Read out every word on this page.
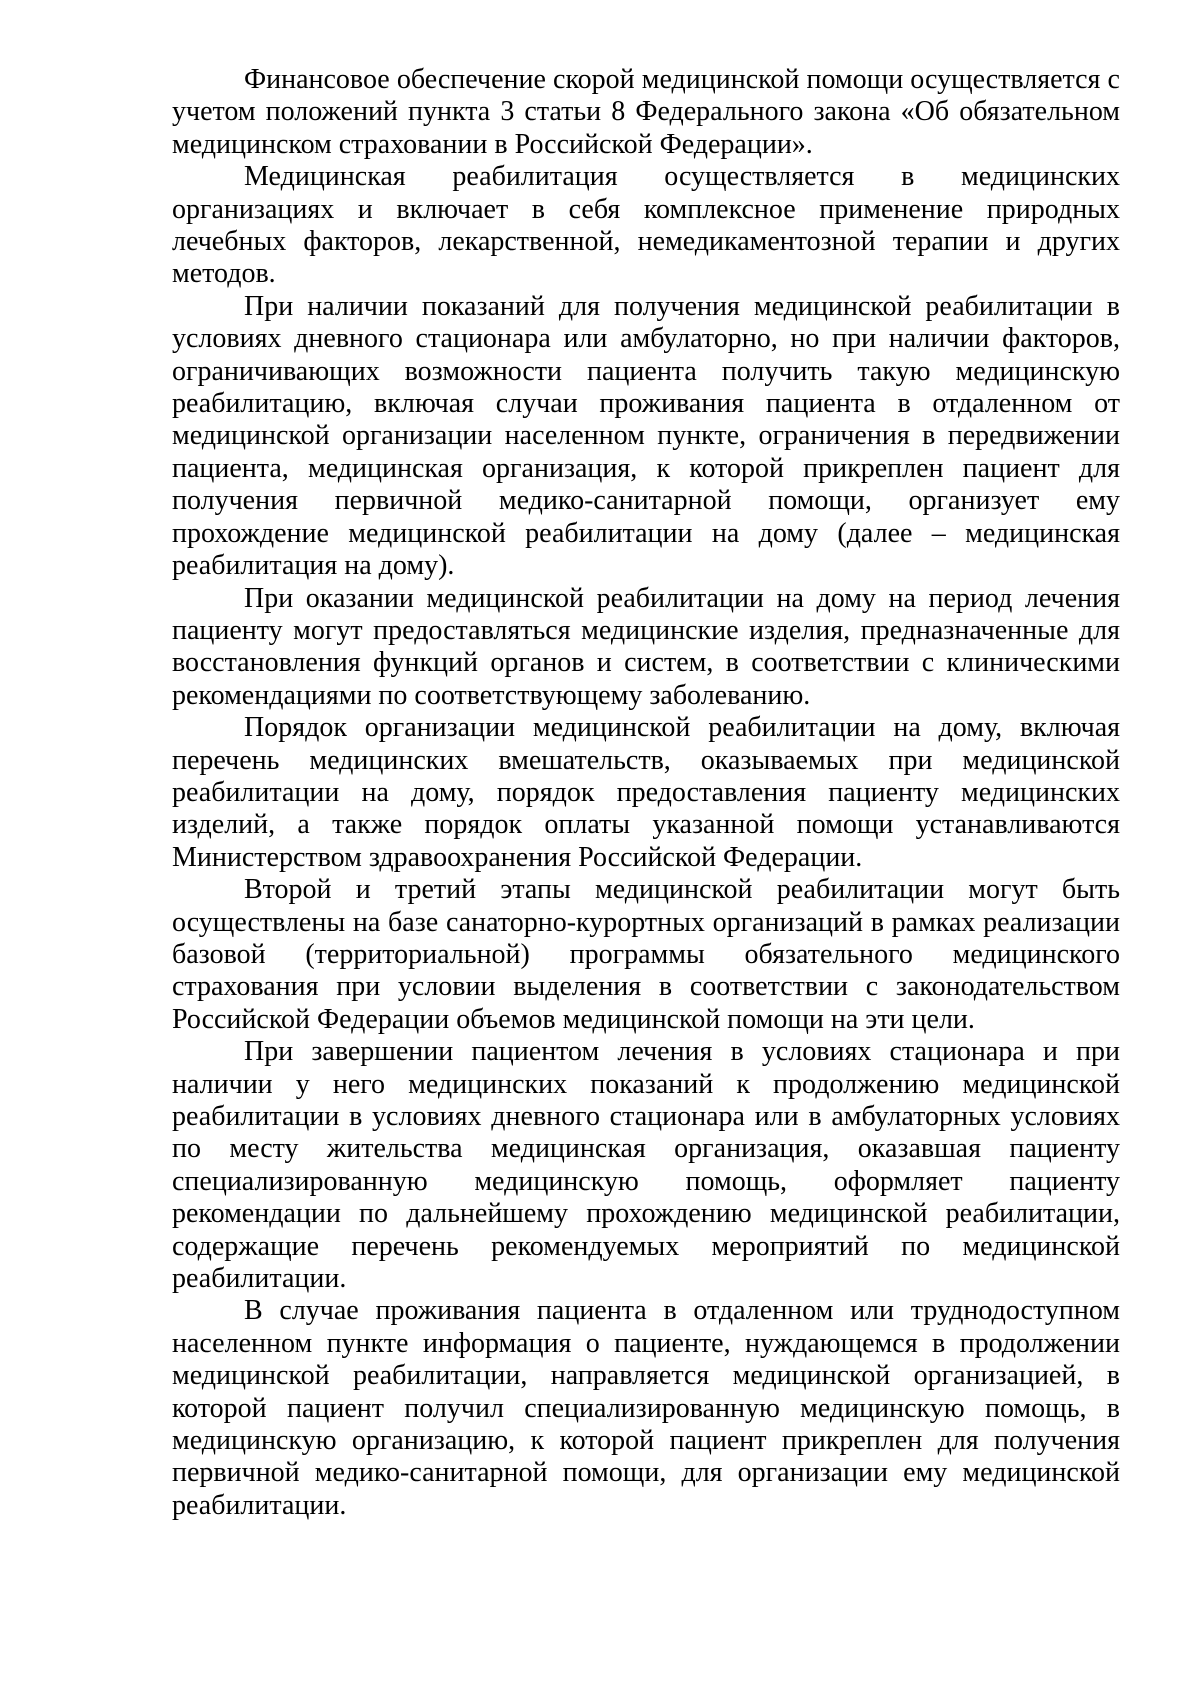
Финансовое обеспечение скорой медицинской помощи осуществляется с учетом положений пункта 3 статьи 8 Федерального закона «Об обязательном медицинском страховании в Российской Федерации».

Медицинская реабилитация осуществляется в медицинских организациях и включает в себя комплексное применение природных лечебных факторов, лекарственной, немедикаментозной терапии и других методов.

При наличии показаний для получения медицинской реабилитации в условиях дневного стационара или амбулаторно, но при наличии факторов, ограничивающих возможности пациента получить такую медицинскую реабилитацию, включая случаи проживания пациента в отдаленном от медицинской организации населенном пункте, ограничения в передвижении пациента, медицинская организация, к которой прикреплен пациент для получения первичной медико-санитарной помощи, организует ему прохождение медицинской реабилитации на дому (далее – медицинская реабилитация на дому).

При оказании медицинской реабилитации на дому на период лечения пациенту могут предоставляться медицинские изделия, предназначенные для восстановления функций органов и систем, в соответствии с клиническими рекомендациями по соответствующему заболеванию.

Порядок организации медицинской реабилитации на дому, включая перечень медицинских вмешательств, оказываемых при медицинской реабилитации на дому, порядок предоставления пациенту медицинских изделий, а также порядок оплаты указанной помощи устанавливаются Министерством здравоохранения Российской Федерации.

Второй и третий этапы медицинской реабилитации могут быть осуществлены на базе санаторно-курортных организаций в рамках реализации базовой (территориальной) программы обязательного медицинского страхования при условии выделения в соответствии с законодательством Российской Федерации объемов медицинской помощи на эти цели.

При завершении пациентом лечения в условиях стационара и при наличии у него медицинских показаний к продолжению медицинской реабилитации в условиях дневного стационара или в амбулаторных условиях по месту жительства медицинская организация, оказавшая пациенту специализированную медицинскую помощь, оформляет пациенту рекомендации по дальнейшему прохождению медицинской реабилитации, содержащие перечень рекомендуемых мероприятий по медицинской реабилитации.

В случае проживания пациента в отдаленном или труднодоступном населенном пункте информация о пациенте, нуждающемся в продолжении медицинской реабилитации, направляется медицинской организацией, в которой пациент получил специализированную медицинскую помощь, в медицинскую организацию, к которой пациент прикреплен для получения первичной медико-санитарной помощи, для организации ему медицинской реабилитации.
